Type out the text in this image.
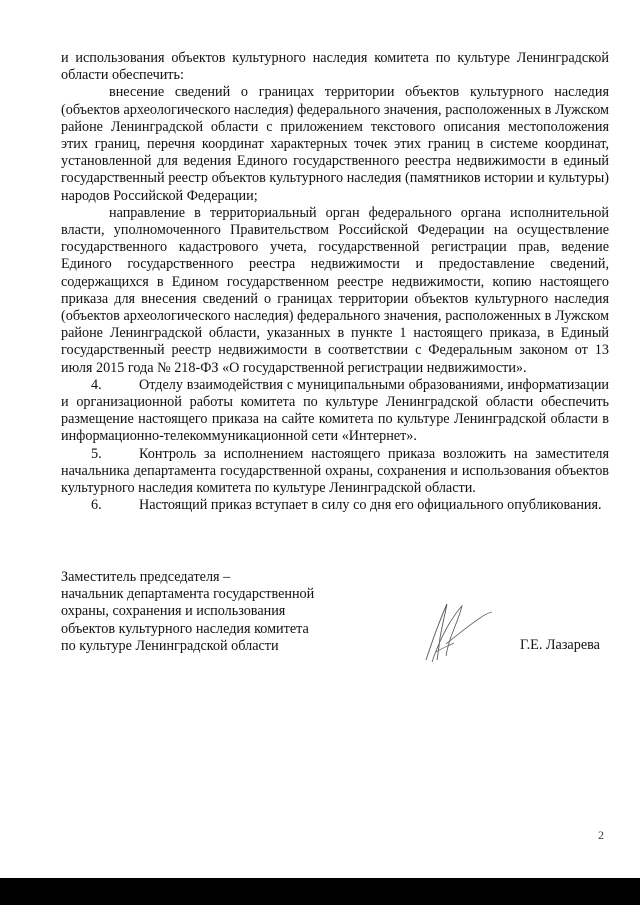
и использования объектов культурного наследия комитета по культуре Ленинградской области обеспечить:

внесение сведений о границах территории объектов культурного наследия (объектов археологического наследия) федерального значения, расположенных в Лужском районе Ленинградской области с приложением текстового описания местоположения этих границ, перечня координат характерных точек этих границ в системе координат, установленной для ведения Единого государственного реестра недвижимости в единый государственный реестр объектов культурного наследия (памятников истории и культуры) народов Российской Федерации;

направление в территориальный орган федерального органа исполнительной власти, уполномоченного Правительством Российской Федерации на осуществление государственного кадастрового учета, государственной регистрации прав, ведение Единого государственного реестра недвижимости и предоставление сведений, содержащихся в Едином государственном реестре недвижимости, копию настоящего приказа для внесения сведений о границах территории объектов культурного наследия (объектов археологического наследия) федерального значения, расположенных в Лужском районе Ленинградской области, указанных в пункте 1 настоящего приказа, в Единый государственный реестр недвижимости в соответствии с Федеральным законом от 13 июля 2015 года № 218-ФЗ «О государственной регистрации недвижимости».

4.	Отделу взаимодействия с муниципальными образованиями, информатизации и организационной работы комитета по культуре Ленинградской области обеспечить размещение настоящего приказа на сайте комитета по культуре Ленинградской области в информационно-телекоммуникационной сети «Интернет».

5.	Контроль за исполнением настоящего приказа возложить на заместителя начальника департамента государственной охраны, сохранения и использования объектов культурного наследия комитета по культуре Ленинградской области.

6.	Настоящий приказ вступает в силу со дня его официального опубликования.

Заместитель председателя –
начальник департамента государственной
охраны, сохранения и использования
объектов культурного наследия комитета
по культуре Ленинградской области	Г.Е. Лазарева
2
